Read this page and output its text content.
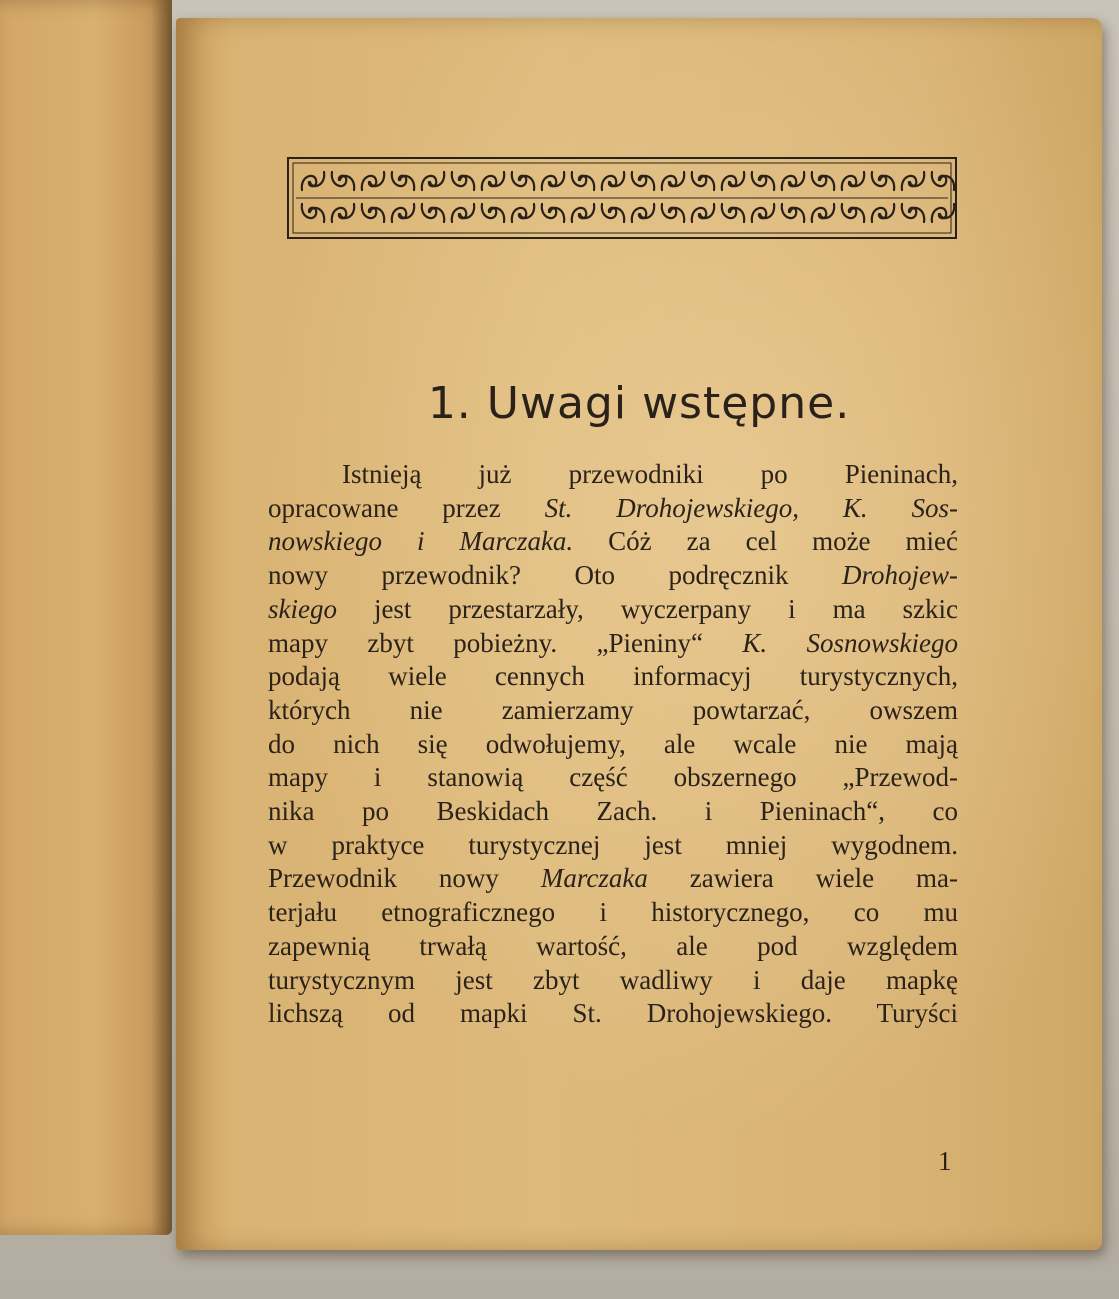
1. Uwagi wstępne.
Istnieją już przewodniki po Pieninach,
opracowane przez St. Drohojewskiego, K. Sos-
nowskiego i Marczaka. Cóż za cel może mieć
nowy przewodnik? Oto podręcznik Drohojew-
skiego jest przestarzały, wyczerpany i ma szkic
mapy zbyt pobieżny. „Pieniny“ K. Sosnowskiego
podają wiele cennych informacyj turystycznych,
których nie zamierzamy powtarzać, owszem
do nich się odwołujemy, ale wcale nie mają
mapy i stanowią część obszernego „Przewod-
nika po Beskidach Zach. i Pieninach“, co
w praktyce turystycznej jest mniej wygodnem.
Przewodnik nowy Marczaka zawiera wiele ma-
terjału etnograficznego i historycznego, co mu
zapewnią trwałą wartość, ale pod względem
turystycznym jest zbyt wadliwy i daje mapkę
lichszą od mapki St. Drohojewskiego. Turyści
1
